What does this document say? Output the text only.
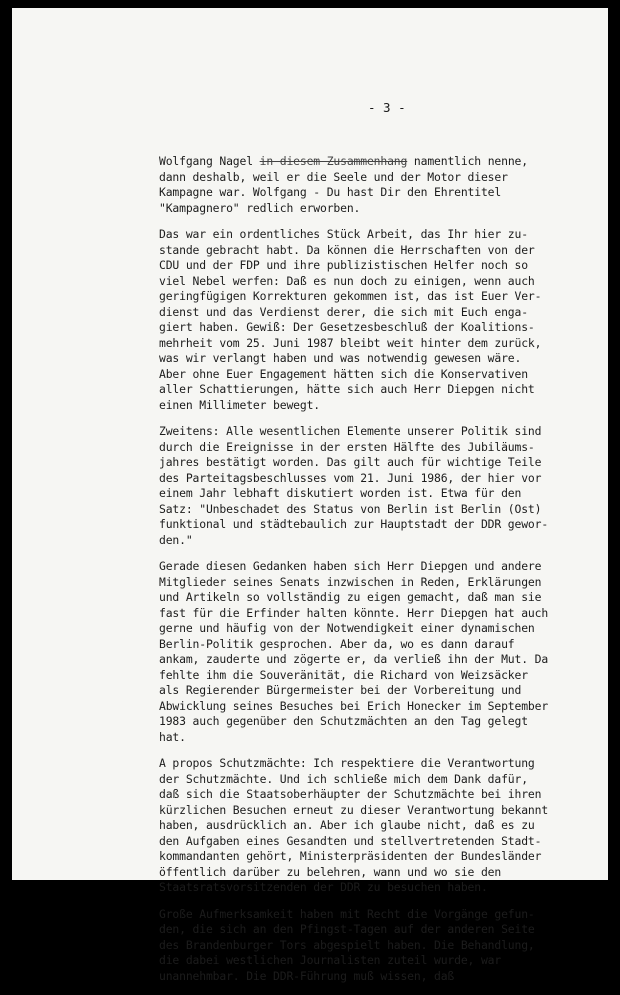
- 3 -

Wolfgang Nagel in diesem Zusammenhang namentlich nenne,
dann deshalb, weil er die Seele und der Motor dieser
Kampagne war. Wolfgang - Du hast Dir den Ehrentitel
"Kampagnero" redlich erworben.

Das war ein ordentliches Stück Arbeit, das Ihr hier zu-
stande gebracht habt. Da können die Herrschaften von der
CDU und der FDP und ihre publizistischen Helfer noch so
viel Nebel werfen: Daß es nun doch zu einigen, wenn auch
geringfügigen Korrekturen gekommen ist, das ist Euer Ver-
dienst und das Verdienst derer, die sich mit Euch enga-
giert haben. Gewiß: Der Gesetzesbeschluß der Koalitions-
mehrheit vom 25. Juni 1987 bleibt weit hinter dem zurück,
was wir verlangt haben und was notwendig gewesen wäre.
Aber ohne Euer Engagement hätten sich die Konservativen
aller Schattierungen, hätte sich auch Herr Diepgen nicht
einen Millimeter bewegt.

Zweitens: Alle wesentlichen Elemente unserer Politik sind
durch die Ereignisse in der ersten Hälfte des Jubiläums-
jahres bestätigt worden. Das gilt auch für wichtige Teile
des Parteitagsbeschlusses vom 21. Juni 1986, der hier vor
einem Jahr lebhaft diskutiert worden ist. Etwa für den
Satz: "Unbeschadet des Status von Berlin ist Berlin (Ost)
funktional und städtebaulich zur Hauptstadt der DDR gewor-
den."

Gerade diesen Gedanken haben sich Herr Diepgen und andere
Mitglieder seines Senats inzwischen in Reden, Erklärungen
und Artikeln so vollständig zu eigen gemacht, daß man sie
fast für die Erfinder halten könnte. Herr Diepgen hat auch
gerne und häufig von der Notwendigkeit einer dynamischen
Berlin-Politik gesprochen. Aber da, wo es dann darauf
ankam, zauderte und zögerte er, da verließ ihn der Mut. Da
fehlte ihm die Souveränität, die Richard von Weizsäcker
als Regierender Bürgermeister bei der Vorbereitung und
Abwicklung seines Besuches bei Erich Honecker im September
1983 auch gegenüber den Schutzmächten an den Tag gelegt
hat.

A propos Schutzmächte: Ich respektiere die Verantwortung
der Schutzmächte. Und ich schließe mich dem Dank dafür,
daß sich die Staatsoberhäupter der Schutzmächte bei ihren
kürzlichen Besuchen erneut zu dieser Verantwortung bekannt
haben, ausdrücklich an. Aber ich glaube nicht, daß es zu
den Aufgaben eines Gesandten und stellvertretenden Stadt-
kommandanten gehört, Ministerpräsidenten der Bundesländer
öffentlich darüber zu belehren, wann und wo sie den
Staatsratsvorsitzenden der DDR zu besuchen haben.

Große Aufmerksamkeit haben mit Recht die Vorgänge gefun-
den, die sich an den Pfingst-Tagen auf der anderen Seite
des Brandenburger Tors abgespielt haben. Die Behandlung,
die dabei westlichen Journalisten zuteil wurde, war
unannehmbar. Die DDR-Führung muß wissen, daß
